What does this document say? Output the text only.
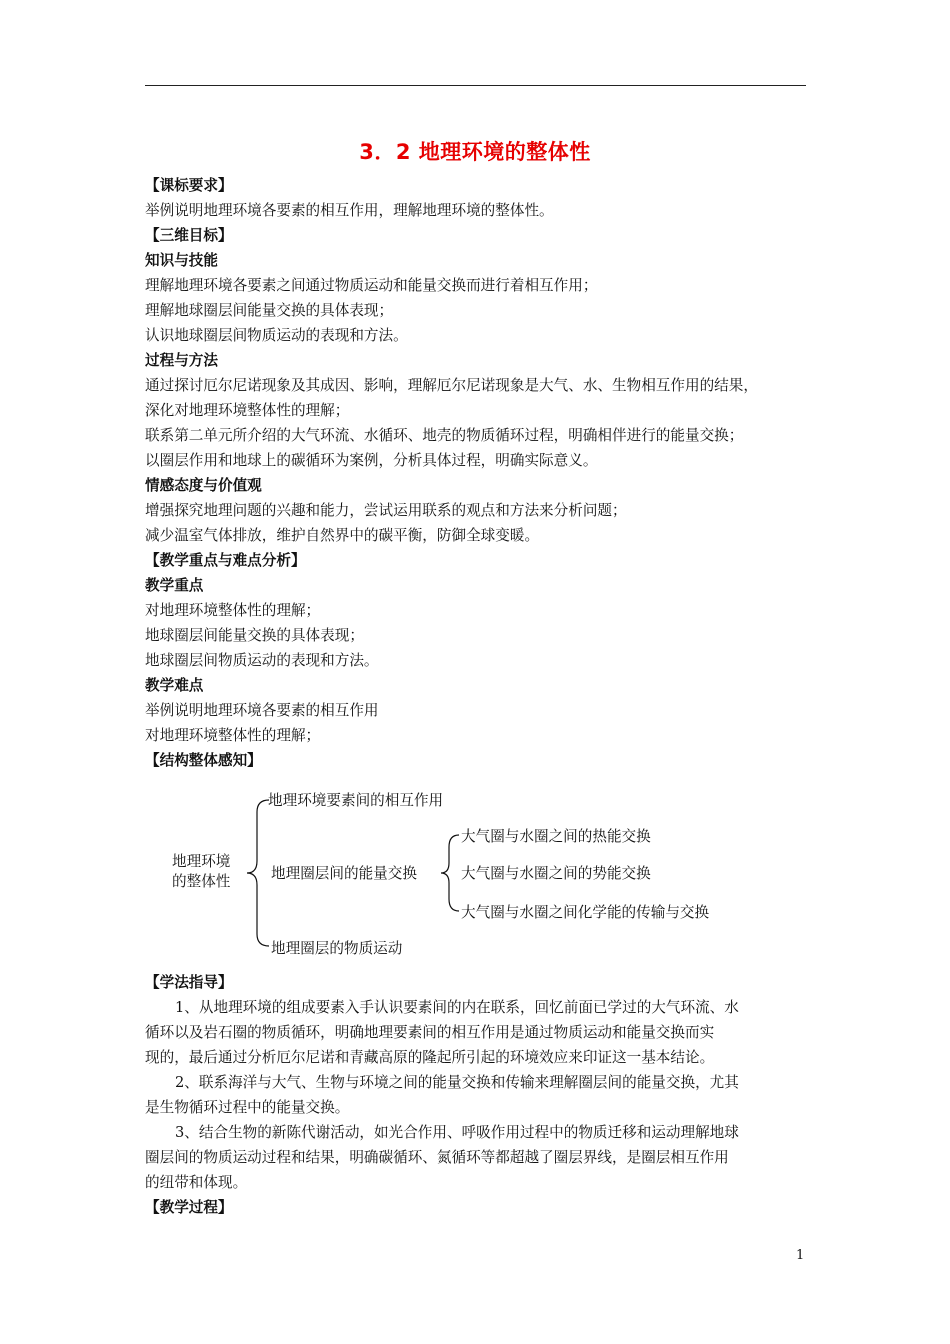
3．2 地理环境的整体性
【课标要求】
举例说明地理环境各要素的相互作用，理解地理环境的整体性。
【三维目标】
知识与技能
理解地理环境各要素之间通过物质运动和能量交换而进行着相互作用；
理解地球圈层间能量交换的具体表现；
认识地球圈层间物质运动的表现和方法。
过程与方法
通过探讨厄尔尼诺现象及其成因、影响，理解厄尔尼诺现象是大气、水、生物相互作用的结果，
深化对地理环境整体性的理解；
联系第二单元所介绍的大气环流、水循环、地壳的物质循环过程，明确相伴进行的能量交换；
以圈层作用和地球上的碳循环为案例，分析具体过程，明确实际意义。
情感态度与价值观
增强探究地理问题的兴趣和能力，尝试运用联系的观点和方法来分析问题；
减少温室气体排放，维护自然界中的碳平衡，防御全球变暖。
【教学重点与难点分析】
教学重点
对地理环境整体性的理解；
地球圈层间能量交换的具体表现；
地球圈层间物质运动的表现和方法。
教学难点
举例说明地理环境各要素的相互作用
对地理环境整体性的理解；
【结构整体感知】
地理环境
的整体性
地理环境要素间的相互作用
地理圈层间的能量交换
地理圈层的物质运动
大气圈与水圈之间的热能交换
大气圈与水圈之间的势能交换
大气圈与水圈之间化学能的传输与交换
【学法指导】
1、从地理环境的组成要素入手认识要素间的内在联系，回忆前面已学过的大气环流、水
循环以及岩石圈的物质循环，明确地理要素间的相互作用是通过物质运动和能量交换而实
现的，最后通过分析厄尔尼诺和青藏高原的隆起所引起的环境效应来印证这一基本结论。
2、联系海洋与大气、生物与环境之间的能量交换和传输来理解圈层间的能量交换，尤其
是生物循环过程中的能量交换。
3、结合生物的新陈代谢活动，如光合作用、呼吸作用过程中的物质迁移和运动理解地球
圈层间的物质运动过程和结果，明确碳循环、氮循环等都超越了圈层界线，是圈层相互作用
的纽带和体现。
【教学过程】
1
